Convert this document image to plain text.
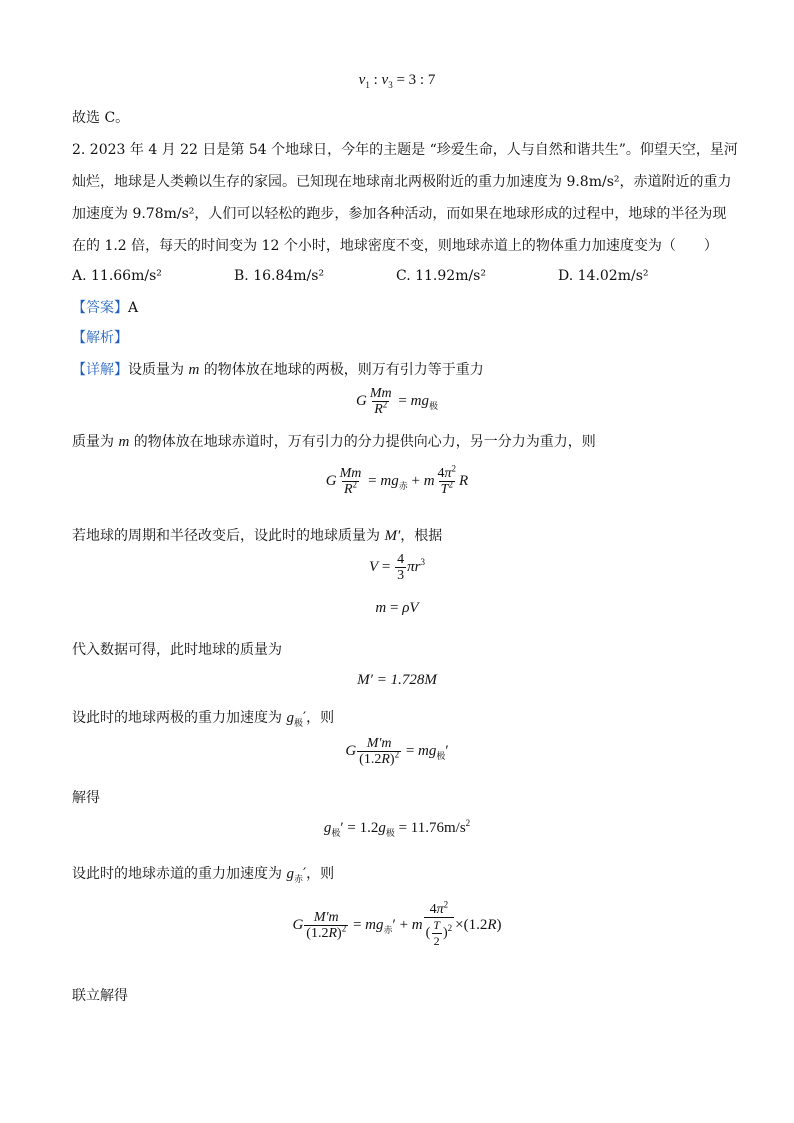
$v_1$ : $v_3 = 3$ : 7
故选 C。
2. 2023 年 4 月 22 日是第 54 个地球日，今年的主题是 “珍爱生命，人与自然和谐共生”。仰望天空，星河
灿烂，地球是人类赖以生存的家园。已知现在地球南北两极附近的重力加速度为 9.8m/s²，赤道附近的重力
加速度为 9.78m/s²，人们可以轻松的跑步，参加各种活动，而如果在地球形成的过程中，地球的半径为现
在的 1.2 倍，每天的时间变为 12 个小时，地球密度不变，则地球赤道上的物体重力加速度变为（　　）
A. 11.66m/s²	B. 16.84m/s²	C. 11.92m/s²	D. 14.02m/s²
【答案】A
【解析】
【详解】设质量为 m 的物体放在地球的两极，则万有引力等于重力
G $\frac{Mm}{R^2} = mg_极$
质量为 m 的物体放在地球赤道时，万有引力的分力提供向心力，另一分力为重力，则
G $\frac{Mm}{R^2} = mg_赤 + m \frac{4\pi^2}{T^2}$ R
若地球的周期和半径改变后，设此时的地球质量为 M′，根据
$V = \frac{4}{3} \pi r^3$
m = ρV
代入数据可得，此时地球的质量为
M′ = 1.728M
设此时的地球两极的重力加速度为 $g_极'$，则
G $\frac{M'm}{(1.2R)^2} = mg_极'$
解得
$g_极' = 1.2g_极 = 11.76m/s^2$
设此时的地球赤道的重力加速度为 $g_赤'$，则
G $\frac{M'm}{(1.2R)^2} = mg_赤' + m \frac{4\pi^2}{( \frac{T}{2} )^2} \times(1.2R)$
联立解得
